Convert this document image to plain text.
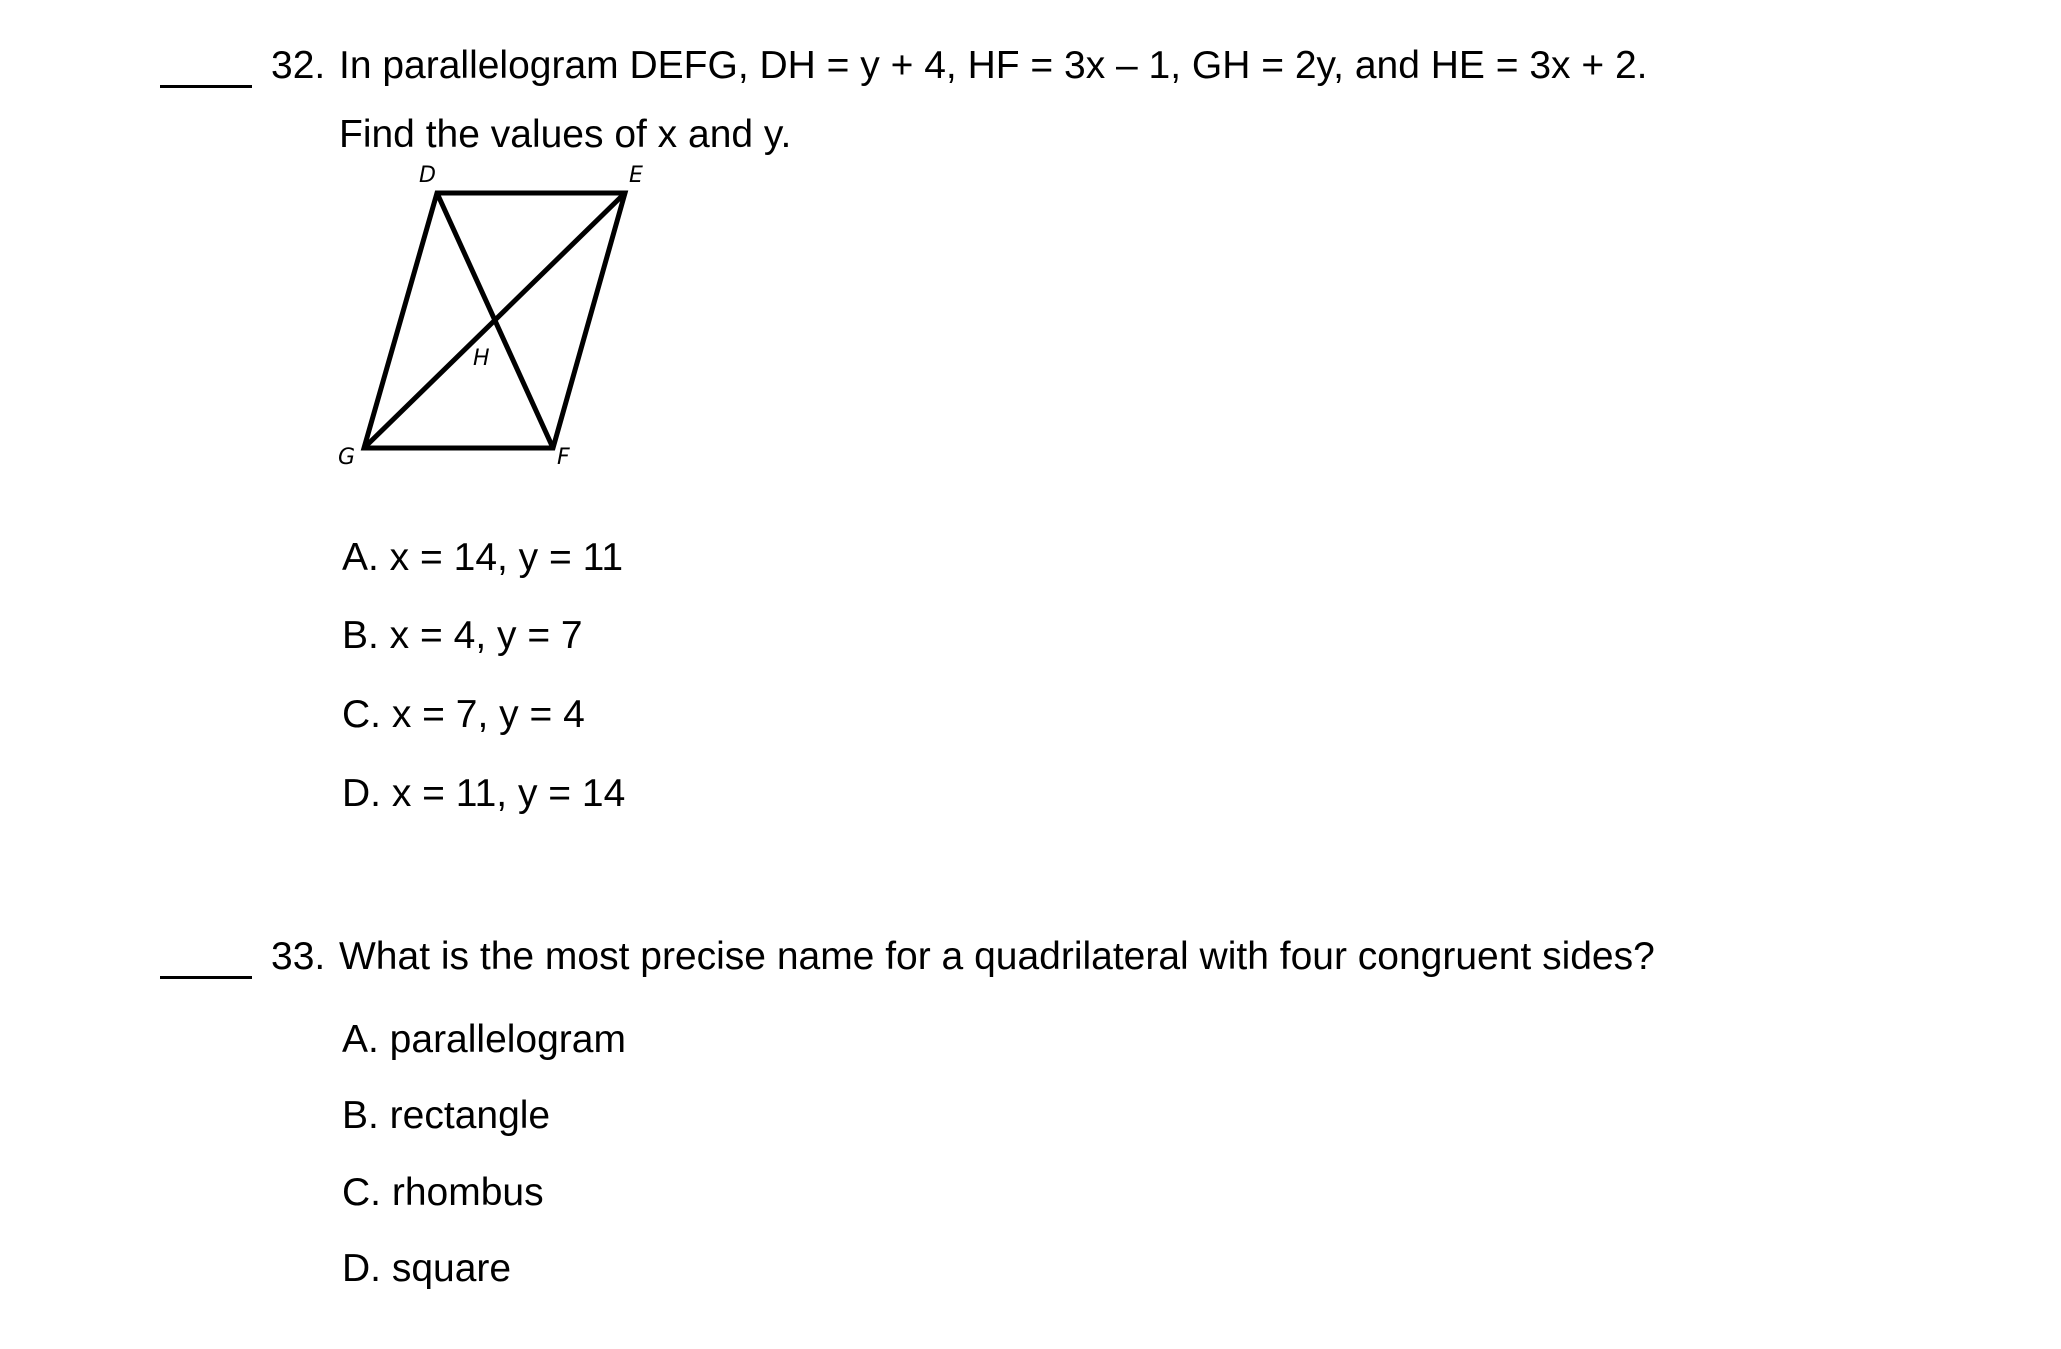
32. In parallelogram DEFG, DH = y + 4, HF = 3x – 1, GH = 2y, and HE = 3x + 2.
Find the values of x and y.
D	E
H
G	F
A. x = 14, y = 11
B. x = 4, y = 7
C. x = 7, y = 4
D. x = 11, y = 14
33. What is the most precise name for a quadrilateral with four congruent sides?
A. parallelogram
B. rectangle
C. rhombus
D. square
